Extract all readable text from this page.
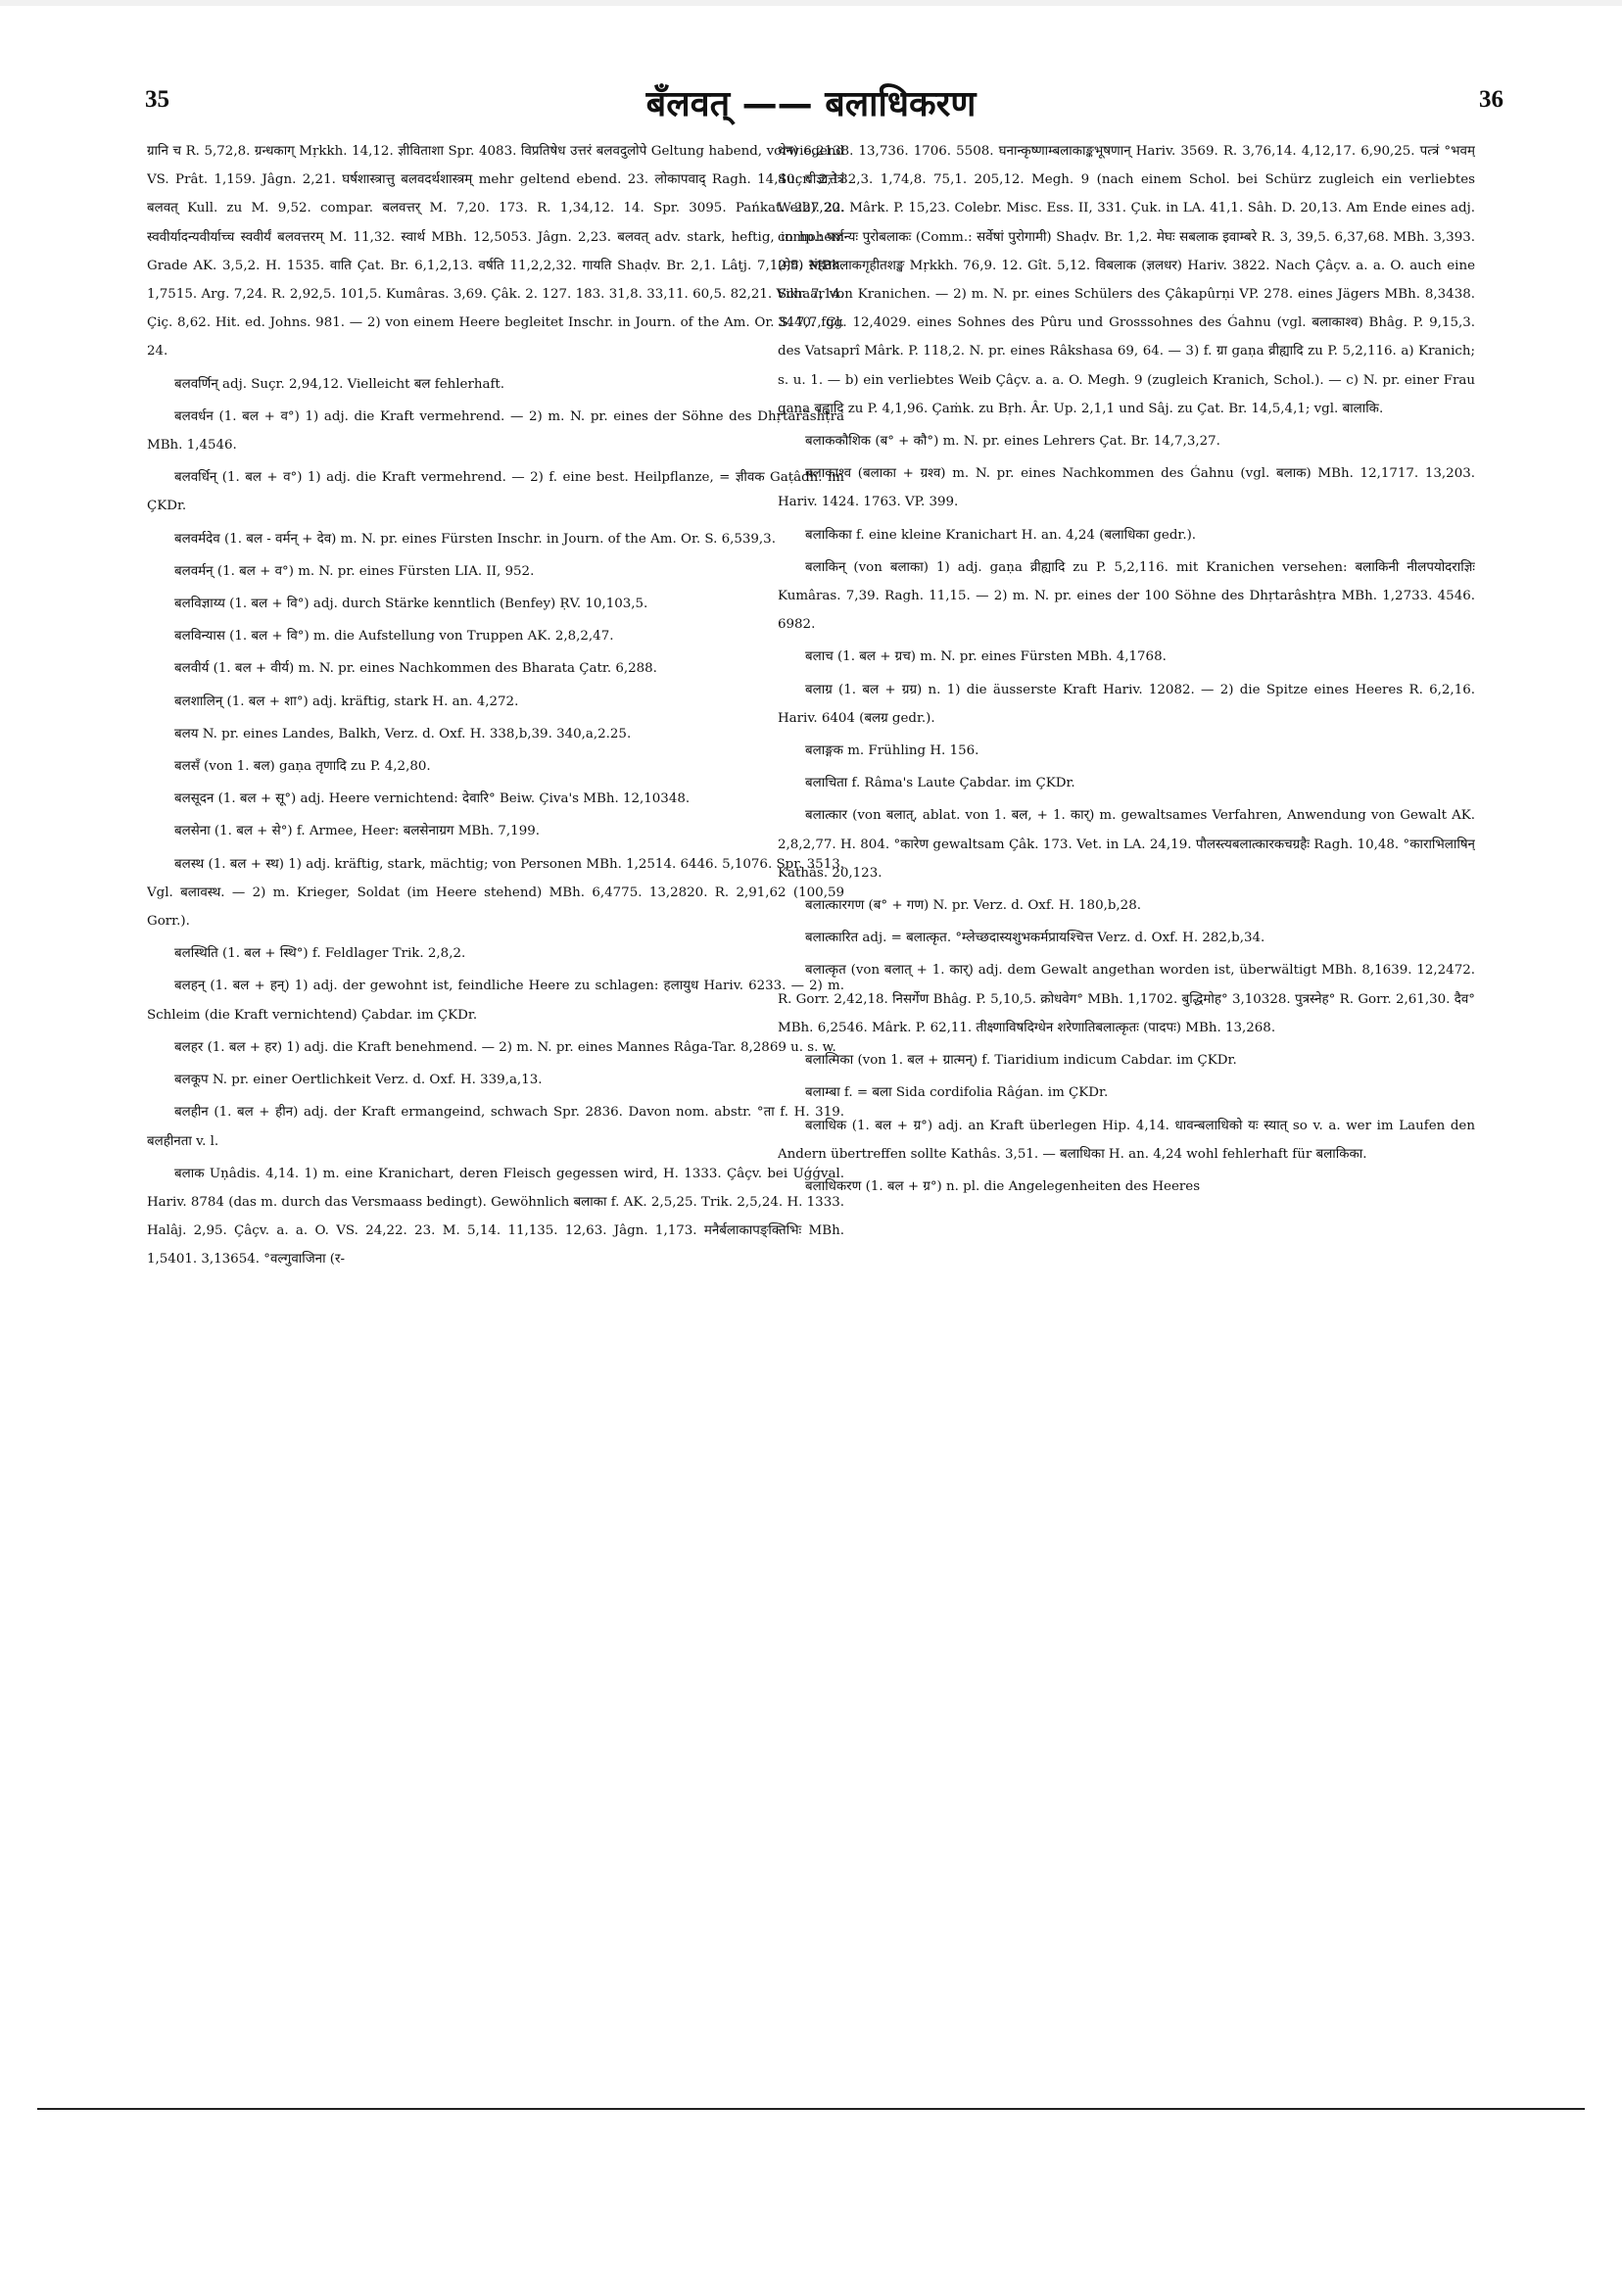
35	बँलवत् —— बलाधिकरण	36

ग्रानि च R. 5,72,8. ग्रन्धकाग् Mṛkkh. 14,12. ज्ञीविताशा Spr. 4083. विप्रतिषेध उत्तरं बलवदुलोपे Geltung habend, vorwiegend VS. Prât. 1,159. Jâgn. 2,21. घर्षशास्त्रात्तु बलवदर्थशास्त्रम् mehr geltend ebend. 23. लोकापवाद् Ragh. 14,40. बीज्ञात्तेत्रं बलवत् Kull. zu M. 9,52. compar. बलवत्तर् M. 7,20. 173. R. 1,34,12. 14. Spr. 3095. Pańkat. 227,20. स्ववीर्यादन्यवीर्याच्च स्ववीर्यं बलवत्तरम् M. 11,32. स्वार्थ MBh. 12,5053. Jâgn. 2,23. बलवत् adv. stark, heftig, in hohem Grade AK. 3,5,2. H. 1535. वाति Çat. Br. 6,1,2,13. वर्षति 11,2,2,32. गायति Shaḍv. Br. 2,1. Lâṭj. 7,12,5. MBh. 1,7515. Arg. 7,24. R. 2,92,5. 101,5. Kumâras. 3,69. Çâk. 2. 127. 183. 31,8. 33,11. 60,5. 82,21. Vikr. 7,14. Çiç. 8,62. Hit. ed. Johns. 981. — 2) von einem Heere begleitet Inschr. in Journ. of the Am. Or. S. 7,7, Çl. 24.

बलवर्णिन् adj. Suçr. 2,94,12. Vielleicht बल fehlerhaft.

बलवर्धन (1. बल + व°) 1) adj. die Kraft vermehrend. — 2) m. N. pr. eines der Söhne des Dhṛtarâshṭra MBh. 1,4546.

बलवर्धिन् (1. बल + व°) 1) adj. die Kraft vermehrend. — 2) f. eine best. Heilpflanze, = ज्ञीवक Gaṭâdh. im ÇKDr.

बलवर्मदेव (1. बल - वर्मन् + देव) m. N. pr. eines Fürsten Inschr. in Journ. of the Am. Or. S. 6,539,3.

बलवर्मन् (1. बल + व°) m. N. pr. eines Fürsten LIA. II, 952.

बलविज्ञाय्य (1. बल + वि°) adj. durch Stärke kenntlich (Benfey) ṚV. 10,103,5.

बलविन्यास (1. बल + वि°) m. die Aufstellung von Truppen AK. 2,8,2,47.

बलवीर्य (1. बल + वीर्य) m. N. pr. eines Nachkommen des Bharata Çatr. 6,288.

बलशालिन् (1. बल + शा°) adj. kräftig, stark H. an. 4,272.

बलय N. pr. eines Landes, Balkh, Verz. d. Oxf. H. 338,b,39. 340,a,2.25.

बलसँ (von 1. बल) gaṇa तृणादि zu P. 4,2,80.

बलसूदन (1. बल + सू°) adj. Heere vernichtend: देवारि° Beiw. Çiva's MBh. 12,10348.

बलसेना (1. बल + से°) f. Armee, Heer: बलसेनाग्रग MBh. 7,199.

बलस्थ (1. बल + स्थ) 1) adj. kräftig, stark, mächtig; von Personen MBh. 1,2514. 6446. 5,1076. Spr. 3513. Vgl. बलावस्थ. — 2) m. Krieger, Soldat (im Heere stehend) MBh. 6,4775. 13,2820. R. 2,91,62 (100,59 Gorr.).

बलस्थिति (1. बल + स्थि°) f. Feldlager Trik. 2,8,2.

बलहन् (1. बल + हन्) 1) adj. der gewohnt ist, feindliche Heere zu schlagen: हलायुध Hariv. 6233. — 2) m. Schleim (die Kraft vernichtend) Çabdar. im ÇKDr.

बलहर (1. बल + हर) 1) adj. die Kraft benehmend. — 2) m. N. pr. eines Mannes Râga-Tar. 8,2869 u. s. w.

बलकूप N. pr. einer Oertlichkeit Verz. d. Oxf. H. 339,a,13.

बलहीन (1. बल + हीन) adj. der Kraft ermangeind, schwach Spr. 2836. Davon nom. abstr. °ता f. H. 319. बलहीनता v. l.

बलाक Uṇâdis. 4,14. 1) m. eine Kranichart, deren Fleisch gegessen wird, H. 1333. Çâçv. bei Uǵǵval. Hariv. 8784 (das m. durch das Versmaass bedingt). Gewöhnlich बलाका f. AK. 2,5,25. Trik. 2,5,24. H. 1333. Halâj. 2,95. Çâçv. a. a. O. VS. 24,22. 23. M. 5,14. 11,135. 12,63. Jâgn. 1,173. मनैर्बलाकापङ्क्तिभिः MBh. 1,5401. 3,13654. °वल्गुवाजिना (र-

थेन) 6,2138. 13,736. 1706. 5508. घनान्कृष्णाम्बलाकाङ्कभूषणान् Hariv. 3569. R. 3,76,14. 4,12,17. 6,90,25. पत्त्रं °भवम् Suçr. 2,132,3. 1,74,8. 75,1. 205,12. Megh. 9 (nach einem Schol. bei Schürz zugleich ein verliebtes Weib). 22. Mârk. P. 15,23. Colebr. Misc. Ess. II, 331. Çuk. in LA. 41,1. Sâh. D. 20,13. Am Ende eines adj. comp.: पर्जन्यः पुरोबलाकः (Comm.: सर्वेषां पुरोगामी) Shaḍv. Br. 1,2. मेघः सबलाक इवाम्बरे R. 3, 39,5. 6,37,68. MBh. 3,393. (मेघ) संहतबलाकगृहीतशङ्ख Mṛkkh. 76,9. 12. Gît. 5,12. विबलाक (ज्ञलधर) Hariv. 3822. Nach Çâçv. a. a. O. auch eine Schaar von Kranichen. — 2) m. N. pr. eines Schülers des Çâkapûrṇi VP. 278. eines Jägers MBh. 8,3438. 3440. fgg. 12,4029. eines Sohnes des Pûru und Grosssohnes des Ǵahnu (vgl. बलाकाश्व) Bhâg. P. 9,15,3. des Vatsaprî Mârk. P. 118,2. N. pr. eines Râkshasa 69, 64. — 3) f. ग्रा gaṇa व्रीह्यादि zu P. 5,2,116. a) Kranich; s. u. 1. — b) ein verliebtes Weib Çâçv. a. a. O. Megh. 9 (zugleich Kranich, Schol.). — c) N. pr. einer Frau gaṇa बह्वादि zu P. 4,1,96. Çaṁk. zu Bṛh. Âr. Up. 2,1,1 und Sâj. zu Çat. Br. 14,5,4,1; vgl. बालाकि.

बलाककौशिक (ब° + कौ°) m. N. pr. eines Lehrers Çat. Br. 14,7,3,27.

बलाकाश्व (बलाका + ग्रश्व) m. N. pr. eines Nachkommen des Ǵahnu (vgl. बलाक) MBh. 12,1717. 13,203. Hariv. 1424. 1763. VP. 399.

बलाकिका f. eine kleine Kranichart H. an. 4,24 (बलाधिका gedr.).

बलाकिन् (von बलाका) 1) adj. gaṇa व्रीह्यादि zu P. 5,2,116. mit Kranichen versehen: बलाकिनी नीलपयोदराज्ञिः Kumâras. 7,39. Ragh. 11,15. — 2) m. N. pr. eines der 100 Söhne des Dhṛtarâshṭra MBh. 1,2733. 4546. 6982.

बलाच (1. बल + ग्रच) m. N. pr. eines Fürsten MBh. 4,1768.

बलाग्र (1. बल + ग्रग्र) n. 1) die äusserste Kraft Hariv. 12082. — 2) die Spitze eines Heeres R. 6,2,16. Hariv. 6404 (बलग्र gedr.).

बलाङ्गक m. Frühling H. 156.

बलाचिता f. Râma's Laute Çabdar. im ÇKDr.

बलात्कार (von बलात्, ablat. von 1. बल, + 1. कार्) m. gewaltsames Verfahren, Anwendung von Gewalt AK. 2,8,2,77. H. 804. °कारेण gewaltsam Çâk. 173. Vet. in LA. 24,19. पौलस्त्यबलात्कारकचग्रहैः Ragh. 10,48. °काराभिलाषिन् Kathâs. 20,123.

बलात्कारगण (ब° + गण) N. pr. Verz. d. Oxf. H. 180,b,28.

बलात्कारित adj. = बलात्कृत. °म्लेच्छदास्यशुभकर्मप्रायश्चित्त Verz. d. Oxf. H. 282,b,34.

बलात्कृत (von बलात् + 1. कार्) adj. dem Gewalt angethan worden ist, überwältigt MBh. 8,1639. 12,2472. R. Gorr. 2,42,18. निसर्गेण Bhâg. P. 5,10,5. क्रोधवेग° MBh. 1,1702. बुद्धिमोह° 3,10328. पुत्रस्नेह° R. Gorr. 2,61,30. दैव° MBh. 6,2546. Mârk. P. 62,11. तीक्ष्णाविषदिग्धेन शरेणातिबलात्कृतः (पादपः) MBh. 13,268.

बलात्मिका (von 1. बल + ग्रात्मन्) f. Tiaridium indicum Cabdar. im ÇKDr.

बलाम्बा f. = बला Sida cordifolia Râǵan. im ÇKDr.

बलाधिक (1. बल + ग्र°) adj. an Kraft überlegen Hip. 4,14. धावन्बलाधिको यः स्यात् so v. a. wer im Laufen den Andern übertreffen sollte Kathâs. 3,51. — बलाधिका H. an. 4,24 wohl fehlerhaft für बलाकिका.

बलाधिकरण (1. बल + ग्र°) n. pl. die Angelegenheiten des Heeres
